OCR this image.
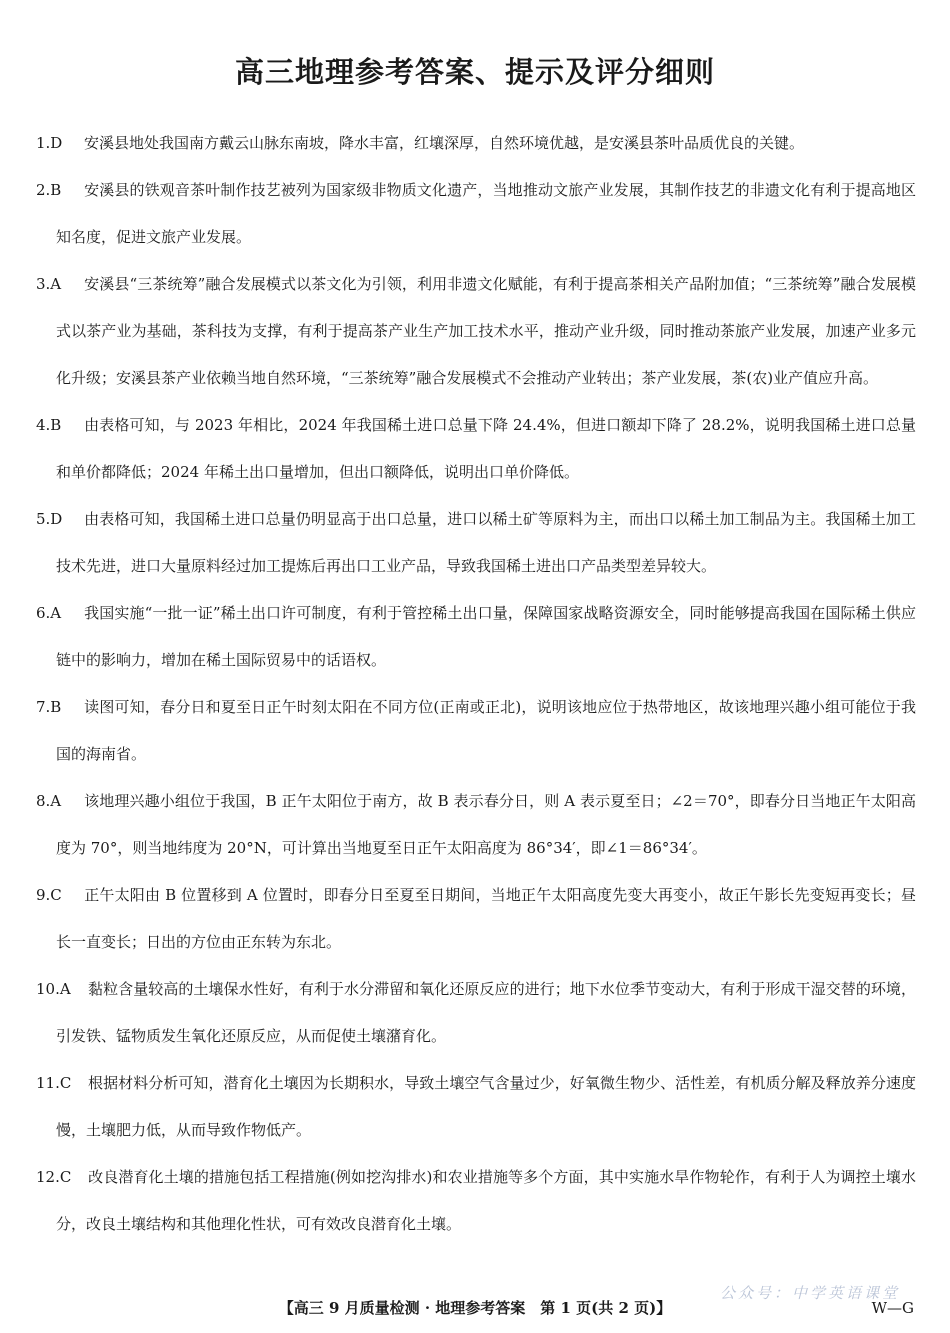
高三地理参考答案、提示及评分细则

1.D 安溪县地处我国南方戴云山脉东南坡，降水丰富，红壤深厚，自然环境优越，是安溪县茶叶品质优良的关键。

2.B 安溪县的铁观音茶叶制作技艺被列为国家级非物质文化遗产，当地推动文旅产业发展，其制作技艺的非遗文化有利于提高地区知名度，促进文旅产业发展。

3.A 安溪县“三茶统筹”融合发展模式以茶文化为引领，利用非遗文化赋能，有利于提高茶相关产品附加值；“三茶统筹”融合发展模式以茶产业为基础，茶科技为支撑，有利于提高茶产业生产加工技术水平，推动产业升级，同时推动茶旅产业发展，加速产业多元化升级；安溪县茶产业依赖当地自然环境，“三茶统筹”融合发展模式不会推动产业转出；茶产业发展，茶(农)业产值应升高。

4.B 由表格可知，与 2023 年相比，2024 年我国稀土进口总量下降 24.4%，但进口额却下降了 28.2%，说明我国稀土进口总量和单价都降低；2024 年稀土出口量增加，但出口额降低，说明出口单价降低。

5.D 由表格可知，我国稀土进口总量仍明显高于出口总量，进口以稀土矿等原料为主，而出口以稀土加工制品为主。我国稀土加工技术先进，进口大量原料经过加工提炼后再出口工业产品，导致我国稀土进出口产品类型差异较大。

6.A 我国实施“一批一证”稀土出口许可制度，有利于管控稀土出口量，保障国家战略资源安全，同时能够提高我国在国际稀土供应链中的影响力，增加在稀土国际贸易中的话语权。

7.B 读图可知，春分日和夏至日正午时刻太阳在不同方位(正南或正北)，说明该地应位于热带地区，故该地理兴趣小组可能位于我国的海南省。

8.A 该地理兴趣小组位于我国，B 正午太阳位于南方，故 B 表示春分日，则 A 表示夏至日；∠2＝70°，即春分日当地正午太阳高度为 70°，则当地纬度为 20°N，可计算出当地夏至日正午太阳高度为 86°34′，即∠1＝86°34′。

9.C 正午太阳由 B 位置移到 A 位置时，即春分日至夏至日期间，当地正午太阳高度先变大再变小，故正午影长先变短再变长；昼长一直变长；日出的方位由正东转为东北。

10.A 黏粒含量较高的土壤保水性好，有利于水分滞留和氧化还原反应的进行；地下水位季节变动大，有利于形成干湿交替的环境，引发铁、锰物质发生氧化还原反应，从而促使土壤潴育化。

11.C 根据材料分析可知，潜育化土壤因为长期积水，导致土壤空气含量过少，好氧微生物少、活性差，有机质分解及释放养分速度慢，土壤肥力低，从而导致作物低产。

12.C 改良潜育化土壤的措施包括工程措施(例如挖沟排水)和农业措施等多个方面，其中实施水旱作物轮作，有利于人为调控土壤水分，改良土壤结构和其他理化性状，可有效改良潜育化土壤。

公众号：中学英语课堂
【高三 9 月质量检测 · 地理参考答案　第 1 页(共 2 页)】	W—G
